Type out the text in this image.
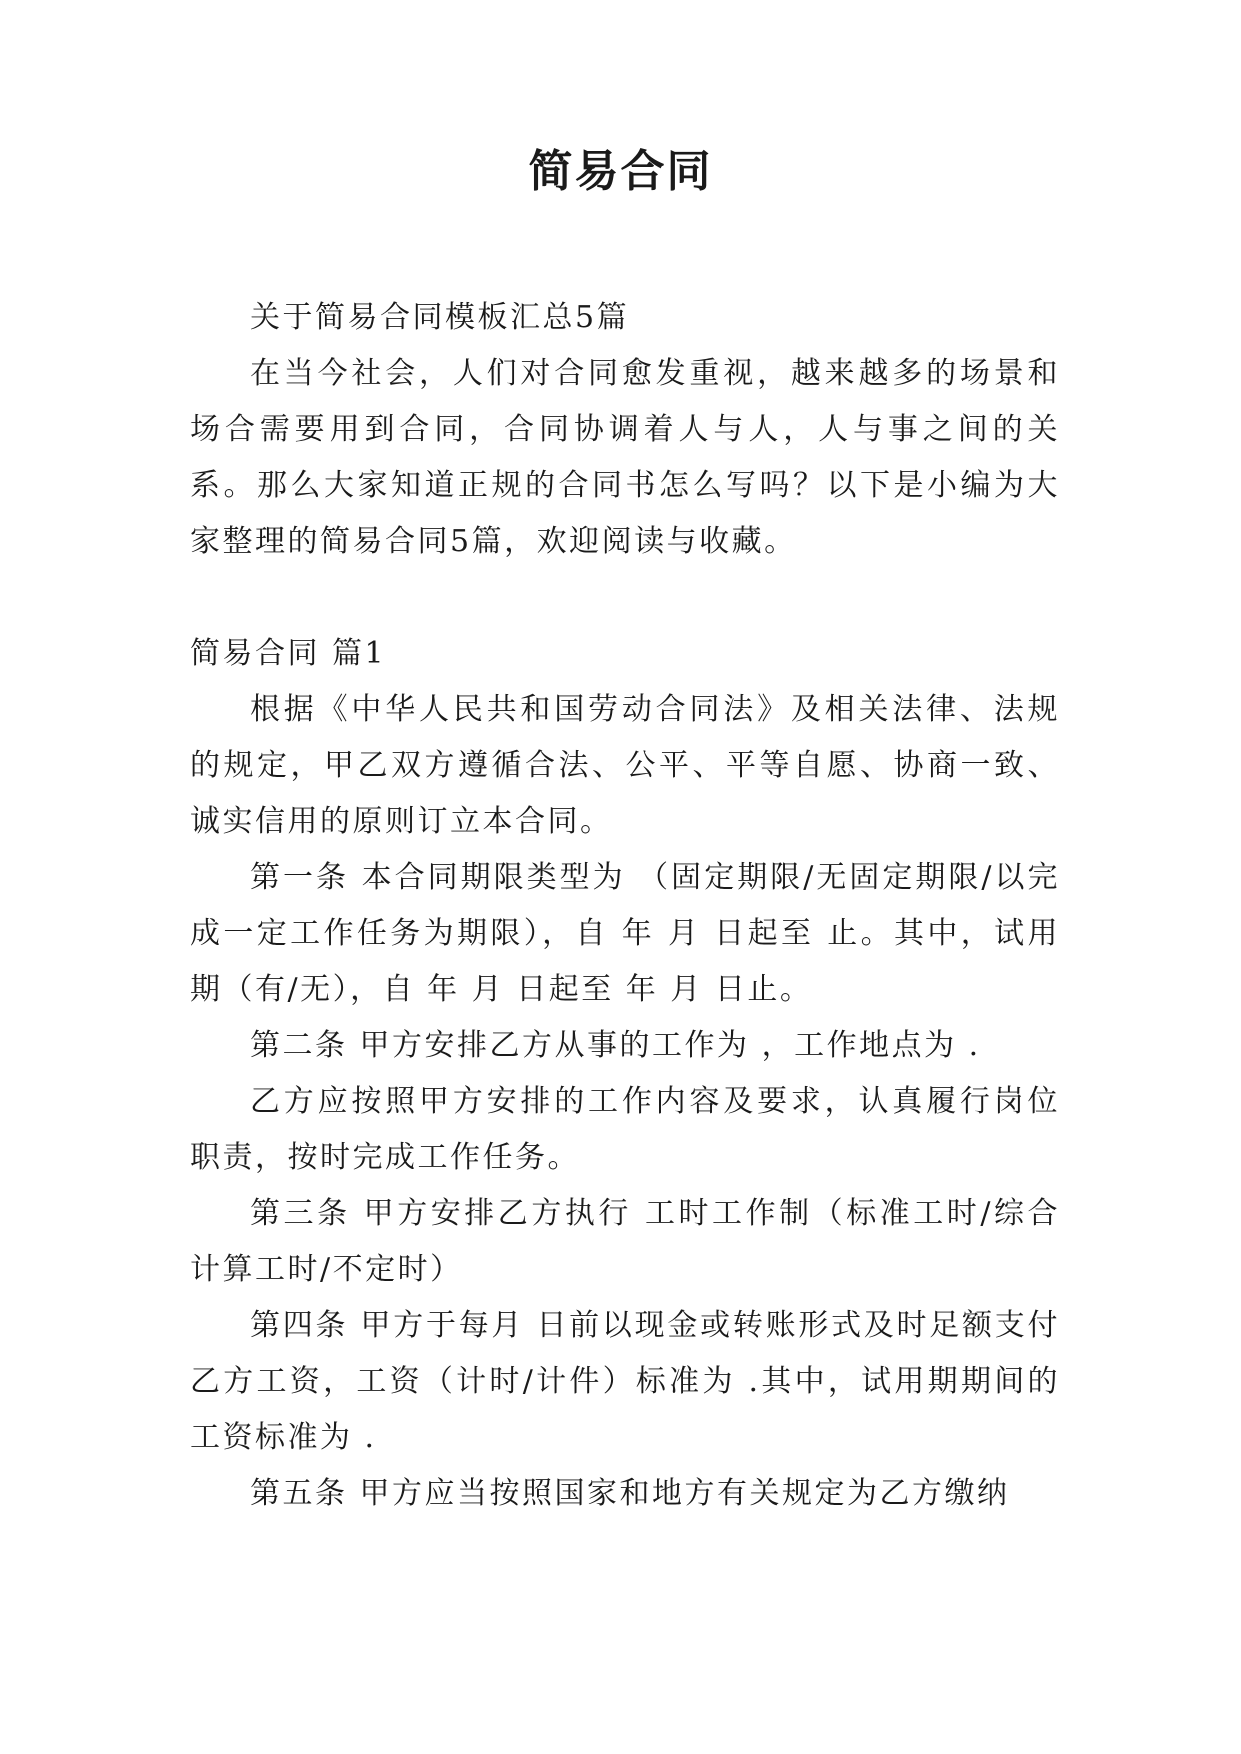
简易合同

关于简易合同模板汇总5篇

在当今社会，人们对合同愈发重视，越来越多的场景和场合需要用到合同，合同协调着人与人，人与事之间的关系。那么大家知道正规的合同书怎么写吗？以下是小编为大家整理的简易合同5篇，欢迎阅读与收藏。

简易合同 篇1

根据《中华人民共和国劳动合同法》及相关法律、法规的规定，甲乙双方遵循合法、公平、平等自愿、协商一致、诚实信用的原则订立本合同。

第一条 本合同期限类型为 （固定期限/无固定期限/以完成一定工作任务为期限），自 年 月 日起至 止。其中，试用期（有/无），自 年 月 日起至 年 月 日止。

第二条 甲方安排乙方从事的工作为 ，工作地点为 .

乙方应按照甲方安排的工作内容及要求，认真履行岗位职责，按时完成工作任务。

第三条 甲方安排乙方执行 工时工作制（标准工时/综合计算工时/不定时）

第四条 甲方于每月 日前以现金或转账形式及时足额支付乙方工资，工资（计时/计件）标准为 .其中，试用期期间的工资标准为 .

第五条 甲方应当按照国家和地方有关规定为乙方缴纳
